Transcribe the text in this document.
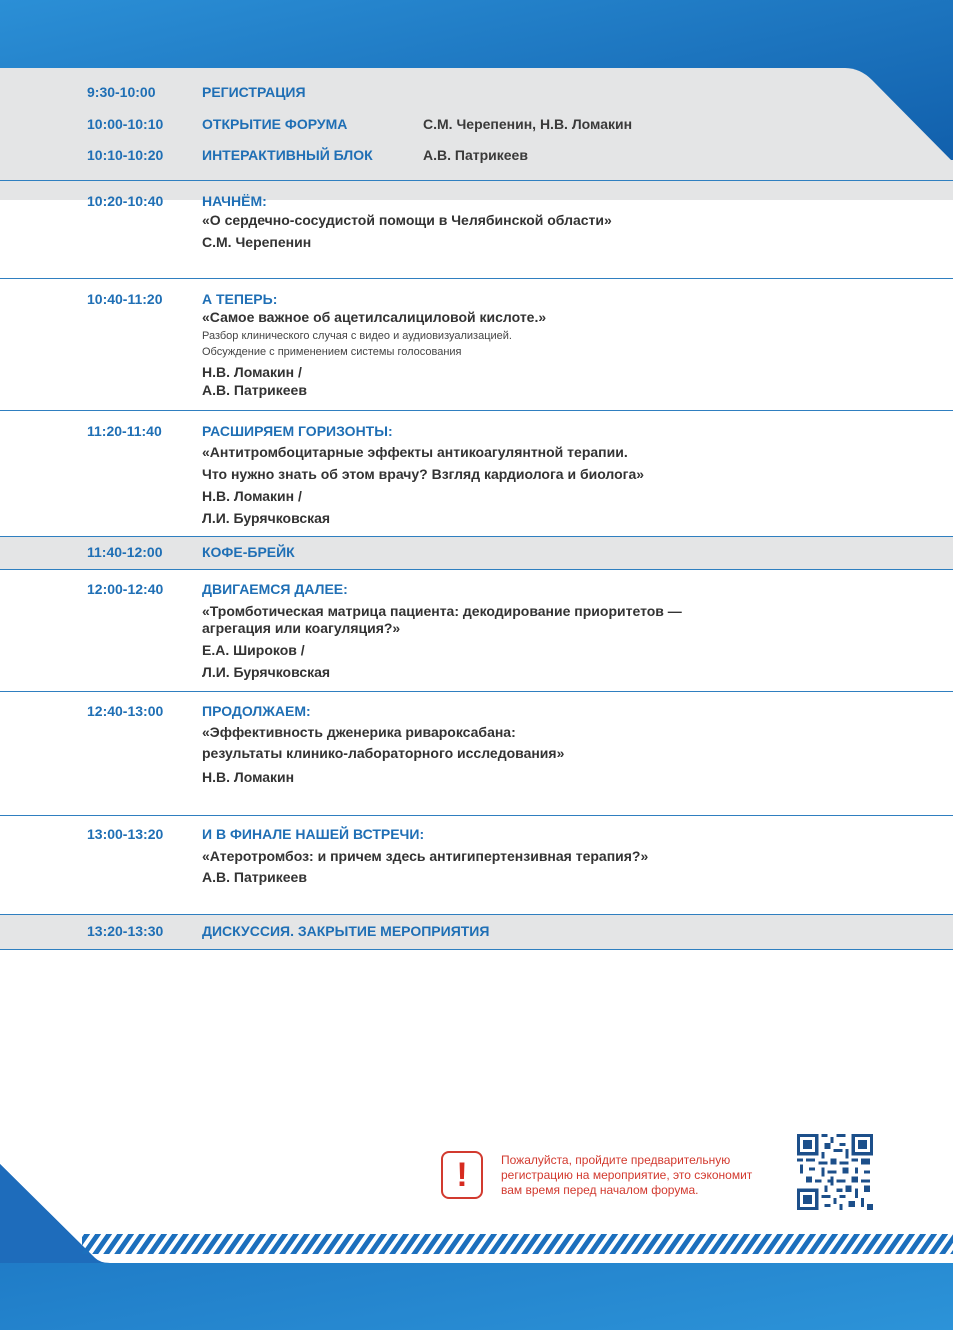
9:30-10:00	РЕГИСТРАЦИЯ
10:00-10:10	ОТКРЫТИЕ ФОРУМА	С.М. Черепенин, Н.В. Ломакин
10:10-10:20	ИНТЕРАКТИВНЫЙ БЛОК	А.В. Патрикеев
10:20-10:40	НАЧНЁМ:
«О сердечно-сосудистой помощи в Челябинской области»
С.М. Черепенин
10:40-11:20	А ТЕПЕРЬ:
«Самое важное об ацетилсалициловой кислоте.»
Разбор клинического случая с видео и аудиовизуализацией.
Обсуждение с применением системы голосования
Н.В. Ломакин /
А.В. Патрикеев
11:20-11:40	РАСШИРЯЕМ ГОРИЗОНТЫ:
«Антитромбоцитарные эффекты антикоагулянтной терапии.
Что нужно знать об этом врачу? Взгляд кардиолога и биолога»
Н.В. Ломакин /
Л.И. Бурячковская
11:40-12:00	КОФЕ-БРЕЙК
12:00-12:40	ДВИГАЕМСЯ ДАЛЕЕ:
«Тромботическая матрица пациента: декодирование приоритетов —
агрегация или коагуляция?»
Е.А. Широков /
Л.И. Бурячковская
12:40-13:00	ПРОДОЛЖАЕМ:
«Эффективность дженерика ривароксабана:
результаты клинико-лабораторного исследования»
Н.В. Ломакин
13:00-13:20	И В ФИНАЛЕ НАШЕЙ ВСТРЕЧИ:
«Атеротромбоз: и причем здесь антигипертензивная терапия?»
А.В. Патрикеев
13:20-13:30	ДИСКУССИЯ. ЗАКРЫТИЕ МЕРОПРИЯТИЯ
!	Пожалуйста, пройдите предварительную
регистрацию на мероприятие, это сэкономит
вам время перед началом форума.
